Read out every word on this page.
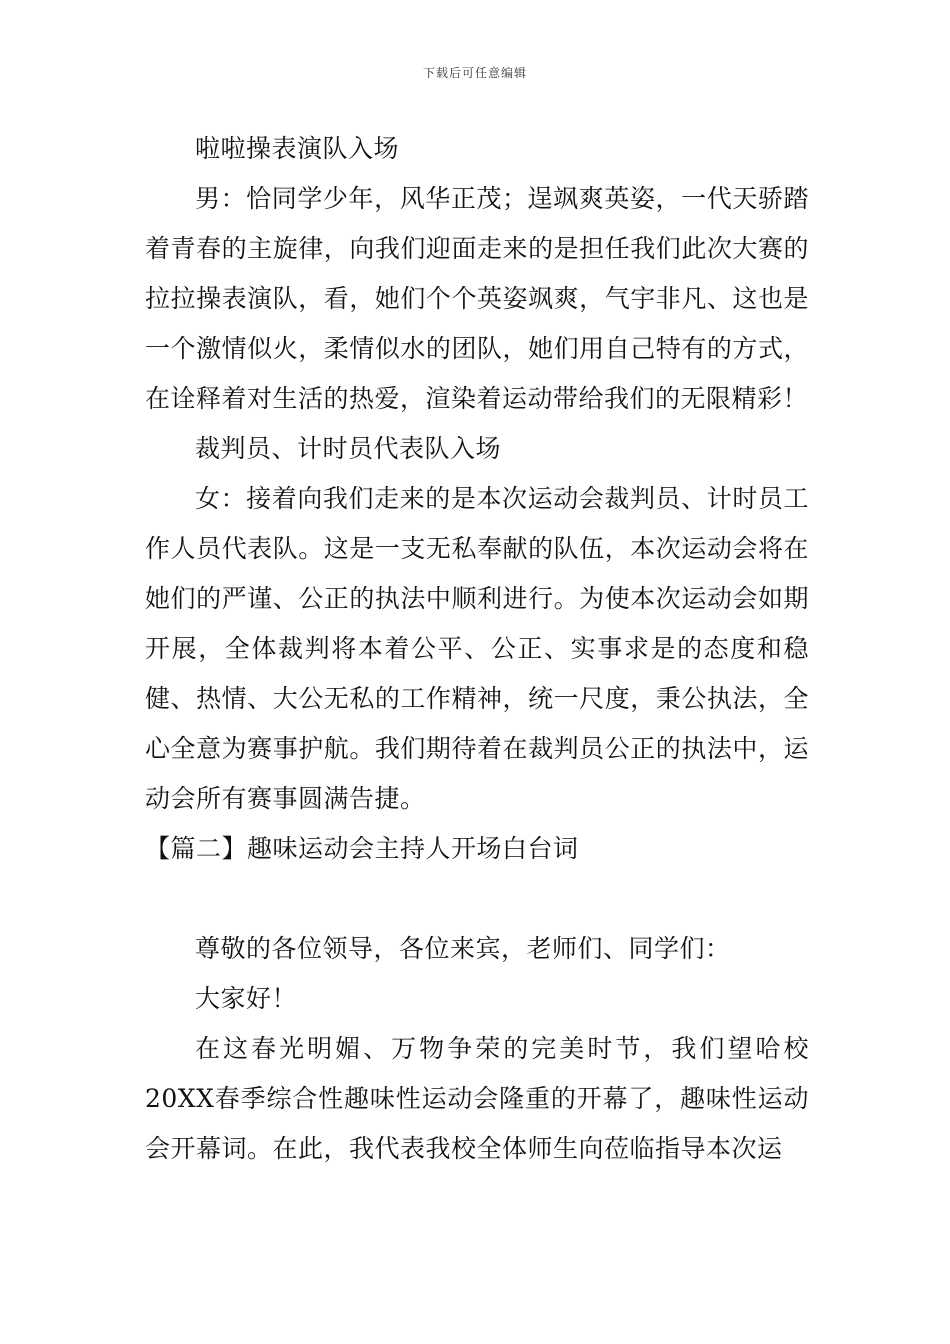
下载后可任意编辑

啦啦操表演队入场

男：恰同学少年，风华正茂；逞飒爽英姿，一代天骄踏着青春的主旋律，向我们迎面走来的是担任我们此次大赛的拉拉操表演队，看，她们个个英姿飒爽，气宇非凡、这也是一个激情似火，柔情似水的团队，她们用自己特有的方式，在诠释着对生活的热爱，渲染着运动带给我们的无限精彩！

裁判员、计时员代表队入场

女：接着向我们走来的是本次运动会裁判员、计时员工作人员代表队。这是一支无私奉献的队伍，本次运动会将在她们的严谨、公正的执法中顺利进行。为使本次运动会如期开展，全体裁判将本着公平、公正、实事求是的态度和稳健、热情、大公无私的工作精神，统一尺度，秉公执法，全心全意为赛事护航。我们期待着在裁判员公正的执法中，运动会所有赛事圆满告捷。

【篇二】趣味运动会主持人开场白台词

尊敬的各位领导，各位来宾，老师们、同学们：

大家好！

在这春光明媚、万物争荣的完美时节，我们望哈校20XX春季综合性趣味性运动会隆重的开幕了，趣味性运动会开幕词。在此，我代表我校全体师生向莅临指导本次运
